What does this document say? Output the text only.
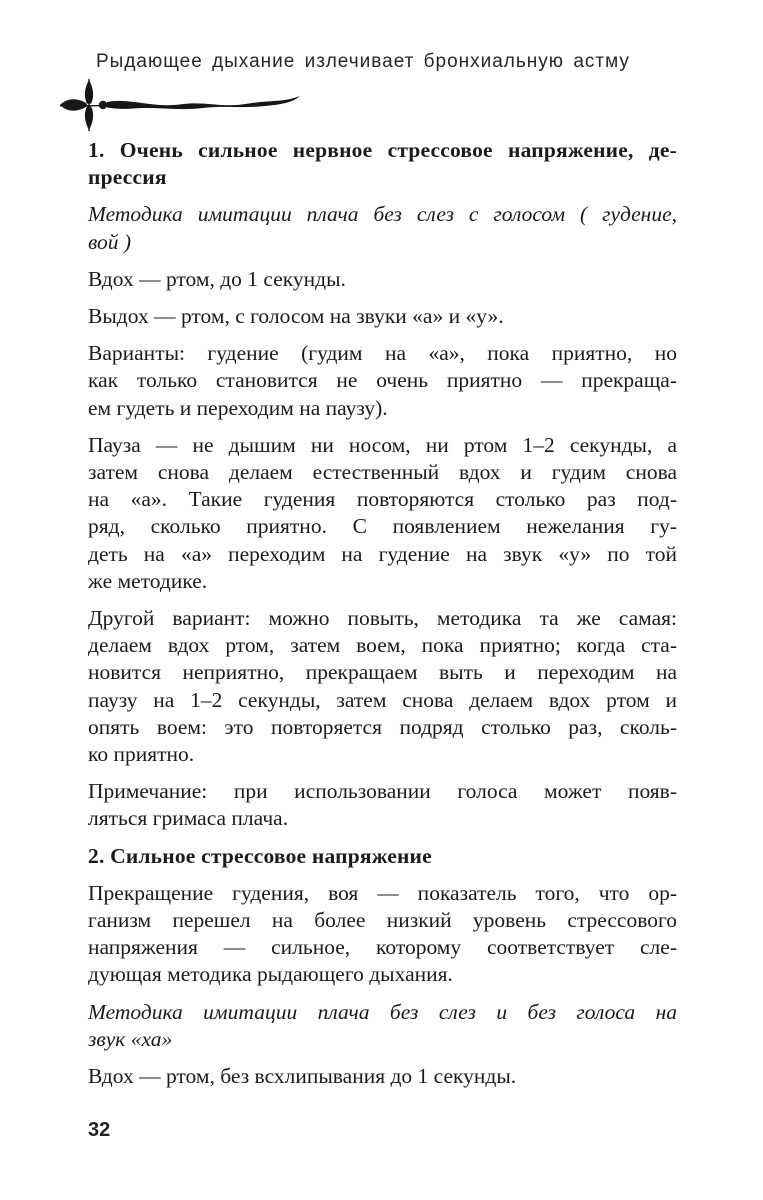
Рыдающее дыхание излечивает бронхиальную астму

1. Очень сильное нервное стрессовое напряжение, де-
прессия

Методика имитации плача без слез с голосом ( гудение,
вой )

Вдох — ртом, до 1 секунды.

Выдох — ртом, с голосом на звуки «а» и «у».

Варианты: гудение (гудим на «а», пока приятно, но
как только становится не очень приятно — прекраща-
ем гудеть и переходим на паузу).

Пауза — не дышим ни носом, ни ртом 1–2 секунды, а
затем снова делаем естественный вдох и гудим снова
на «а». Такие гудения повторяются столько раз под-
ряд, сколько приятно. С появлением нежелания гу-
деть на «а» переходим на гудение на звук «у» по той
же методике.

Другой вариант: можно повыть, методика та же самая:
делаем вдох ртом, затем воем, пока приятно; когда ста-
новится неприятно, прекращаем выть и переходим на
паузу на 1–2 секунды, затем снова делаем вдох ртом и
опять воем: это повторяется подряд столько раз, сколь-
ко приятно.

Примечание: при использовании голоса может появ-
ляться гримаса плача.

2. Сильное стрессовое напряжение

Прекращение гудения, воя — показатель того, что ор-
ганизм перешел на более низкий уровень стрессового
напряжения — сильное, которому соответствует сле-
дующая методика рыдающего дыхания.

Методика имитации плача без слез и без голоса на
звук «ха»

Вдох — ртом, без всхлипывания до 1 секунды.

32
